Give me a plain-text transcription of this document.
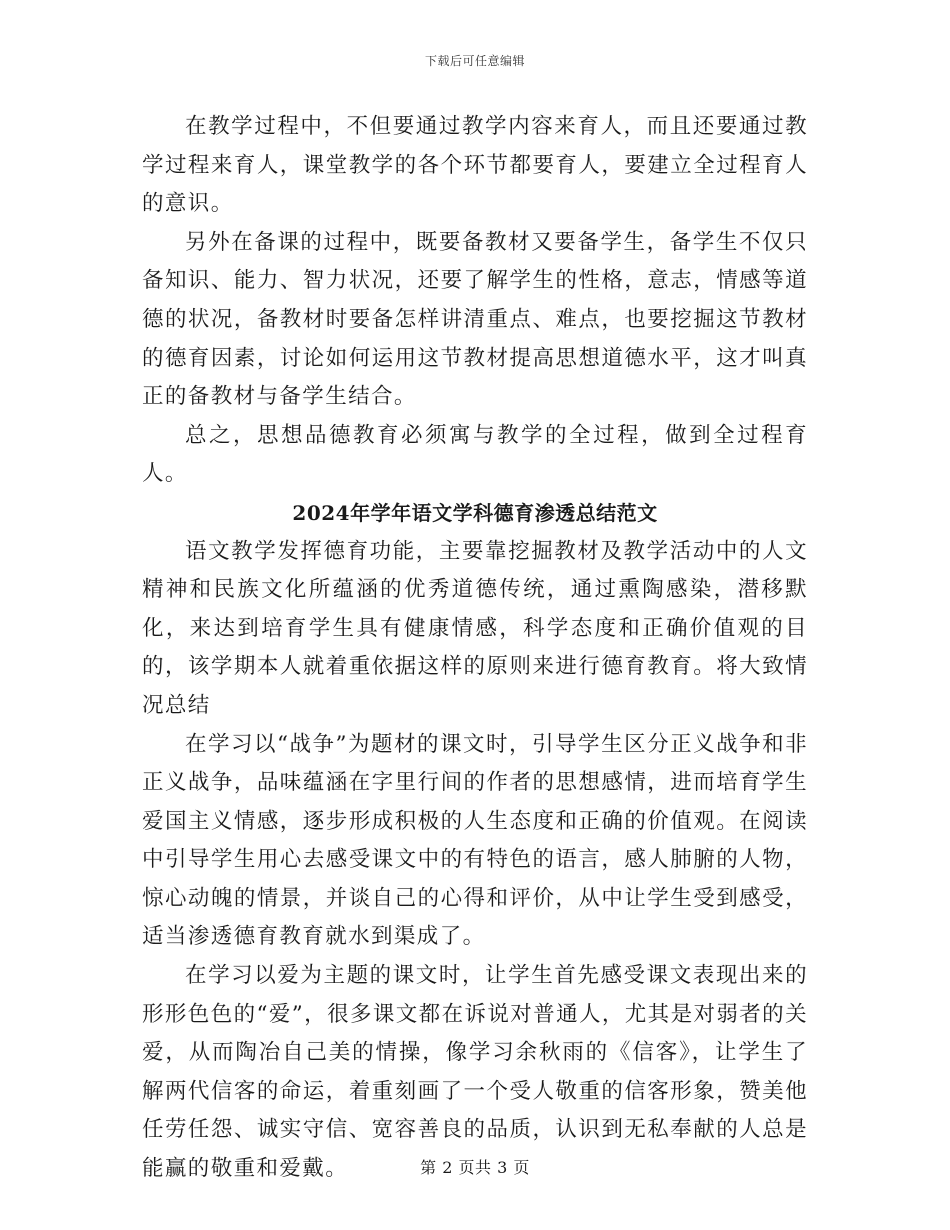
下载后可任意编辑

在教学过程中，不但要通过教学内容来育人，而且还要通过教学过程来育人，课堂教学的各个环节都要育人，要建立全过程育人的意识。

另外在备课的过程中，既要备教材又要备学生，备学生不仅只备知识、能力、智力状况，还要了解学生的性格，意志，情感等道德的状况，备教材时要备怎样讲清重点、难点，也要挖掘这节教材的德育因素，讨论如何运用这节教材提高思想道德水平，这才叫真正的备教材与备学生结合。

总之，思想品德教育必须寓与教学的全过程，做到全过程育人。

2024年学年语文学科德育渗透总结范文

语文教学发挥德育功能，主要靠挖掘教材及教学活动中的人文精神和民族文化所蕴涵的优秀道德传统，通过熏陶感染，潜移默化，来达到培育学生具有健康情感，科学态度和正确价值观的目的，该学期本人就着重依据这样的原则来进行德育教育。将大致情况总结

在学习以“战争”为题材的课文时，引导学生区分正义战争和非正义战争，品味蕴涵在字里行间的作者的思想感情，进而培育学生爱国主义情感，逐步形成积极的人生态度和正确的价值观。在阅读中引导学生用心去感受课文中的有特色的语言，感人肺腑的人物，惊心动魄的情景，并谈自己的心得和评价，从中让学生受到感受，适当渗透德育教育就水到渠成了。

在学习以爱为主题的课文时，让学生首先感受课文表现出来的形形色色的“爱”，很多课文都在诉说对普通人，尤其是对弱者的关爱，从而陶冶自己美的情操，像学习余秋雨的《信客》，让学生了解两代信客的命运，着重刻画了一个受人敬重的信客形象，赞美他任劳任怨、诚实守信、宽容善良的品质，认识到无私奉献的人总是能赢的敬重和爱戴。	第 2 页共 3 页
